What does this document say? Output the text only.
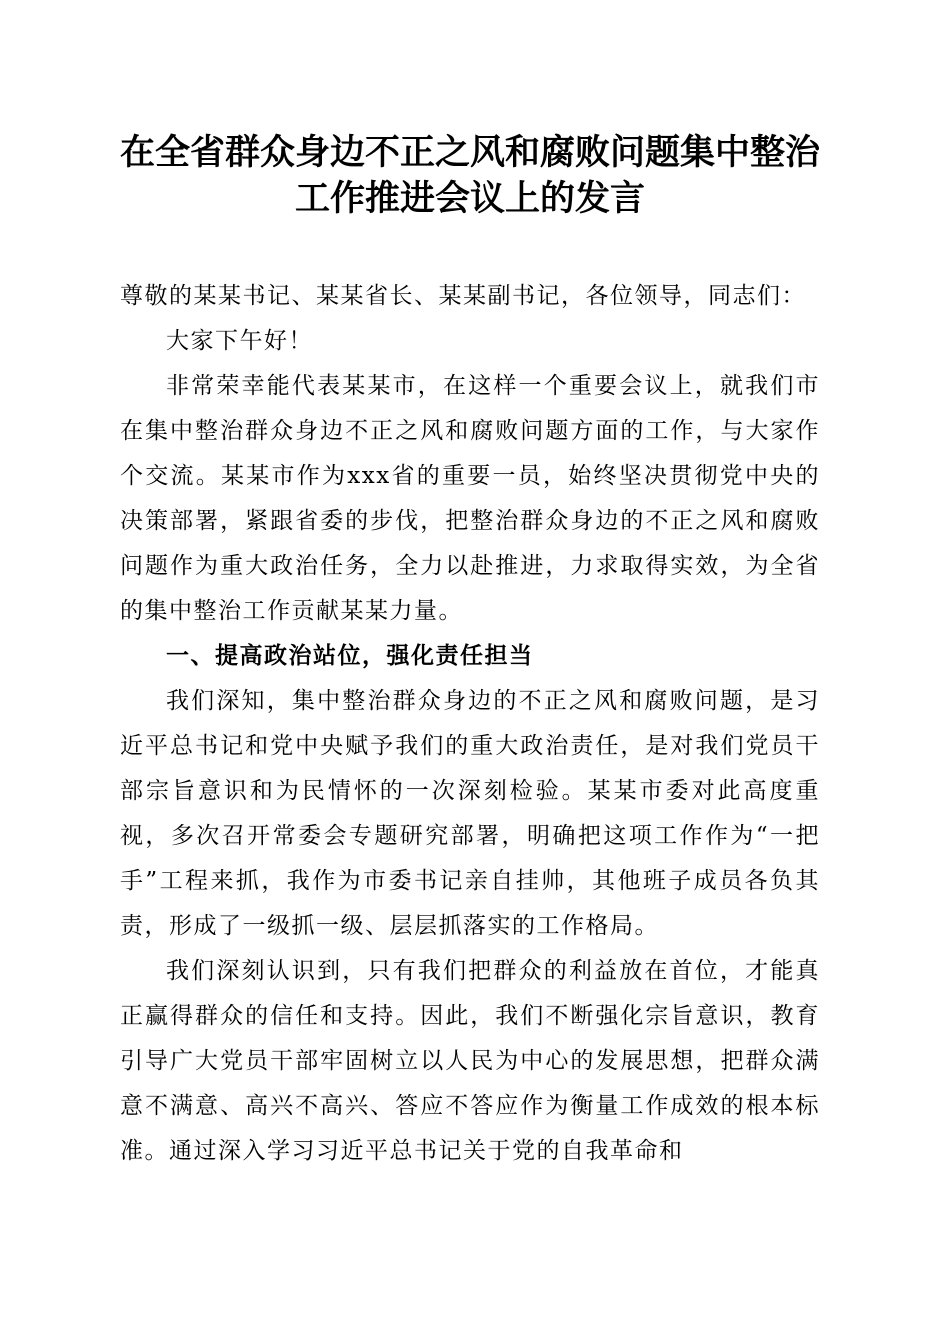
在全省群众身边不正之风和腐败问题集中整治
工作推进会议上的发言

尊敬的某某书记、某某省长、某某副书记，各位领导，同志们：

大家下午好！

非常荣幸能代表某某市，在这样一个重要会议上，就我们市在集中整治群众身边不正之风和腐败问题方面的工作，与大家作个交流。某某市作为xxx省的重要一员，始终坚决贯彻党中央的决策部署，紧跟省委的步伐，把整治群众身边的不正之风和腐败问题作为重大政治任务，全力以赴推进，力求取得实效，为全省的集中整治工作贡献某某力量。

一、提高政治站位，强化责任担当

我们深知，集中整治群众身边的不正之风和腐败问题，是习近平总书记和党中央赋予我们的重大政治责任，是对我们党员干部宗旨意识和为民情怀的一次深刻检验。某某市委对此高度重视，多次召开常委会专题研究部署，明确把这项工作作为“一把手”工程来抓，我作为市委书记亲自挂帅，其他班子成员各负其责，形成了一级抓一级、层层抓落实的工作格局。

我们深刻认识到，只有我们把群众的利益放在首位，才能真正赢得群众的信任和支持。因此，我们不断强化宗旨意识，教育引导广大党员干部牢固树立以人民为中心的发展思想，把群众满意不满意、高兴不高兴、答应不答应作为衡量工作成效的根本标准。通过深入学习习近平总书记关于党的自我革命和
